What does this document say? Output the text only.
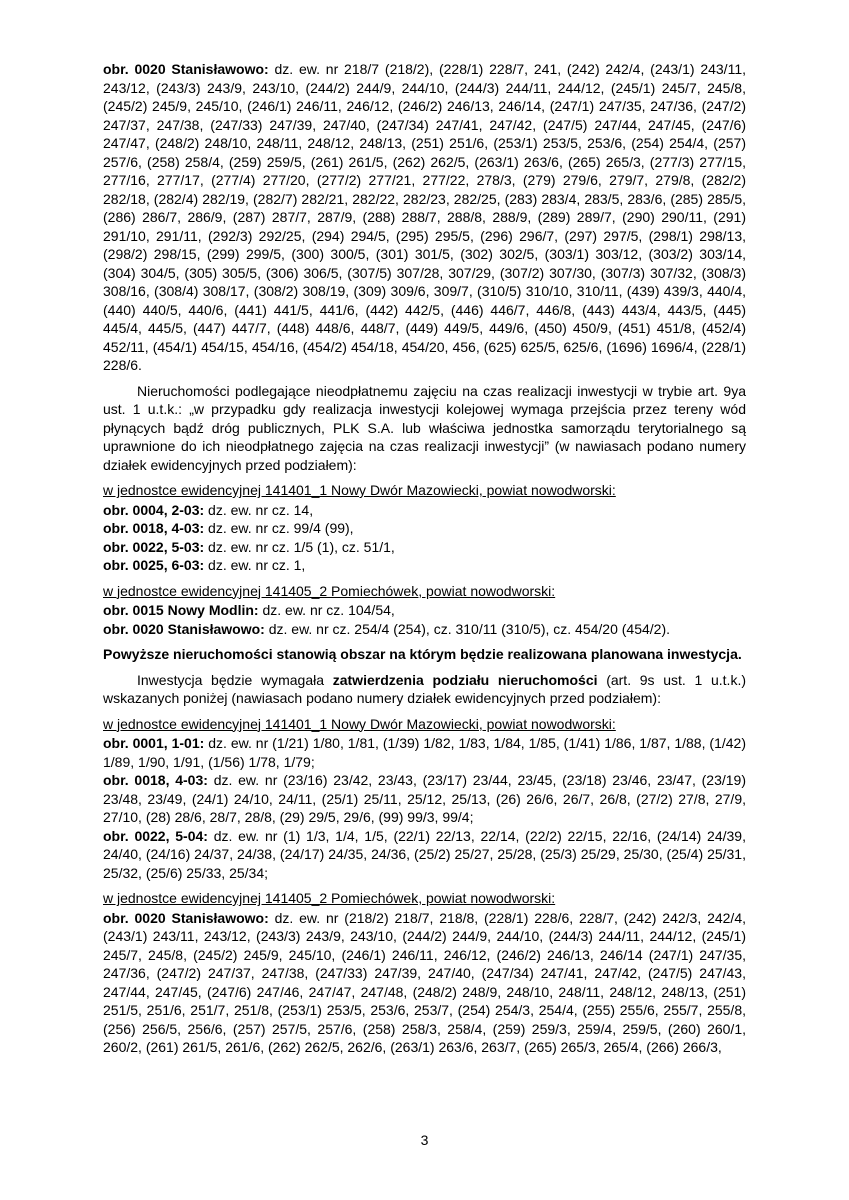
obr. 0020 Stanisławowo: dz. ew. nr 218/7 (218/2), (228/1) 228/7, 241, (242) 242/4, (243/1) 243/11, 243/12, (243/3) 243/9, 243/10, (244/2) 244/9, 244/10, (244/3) 244/11, 244/12, (245/1) 245/7, 245/8, (245/2) 245/9, 245/10, (246/1) 246/11, 246/12, (246/2) 246/13, 246/14, (247/1) 247/35, 247/36, (247/2) 247/37, 247/38, (247/33) 247/39, 247/40, (247/34) 247/41, 247/42, (247/5) 247/44, 247/45, (247/6) 247/47, (248/2) 248/10, 248/11, 248/12, 248/13, (251) 251/6, (253/1) 253/5, 253/6, (254) 254/4, (257) 257/6, (258) 258/4, (259) 259/5, (261) 261/5, (262) 262/5, (263/1) 263/6, (265) 265/3, (277/3) 277/15, 277/16, 277/17, (277/4) 277/20, (277/2) 277/21, 277/22, 278/3, (279) 279/6, 279/7, 279/8, (282/2) 282/18, (282/4) 282/19, (282/7) 282/21, 282/22, 282/23, 282/25, (283) 283/4, 283/5, 283/6, (285) 285/5, (286) 286/7, 286/9, (287) 287/7, 287/9, (288) 288/7, 288/8, 288/9, (289) 289/7, (290) 290/11, (291) 291/10, 291/11, (292/3) 292/25, (294) 294/5, (295) 295/5, (296) 296/7, (297) 297/5, (298/1) 298/13, (298/2) 298/15, (299) 299/5, (300) 300/5, (301) 301/5, (302) 302/5, (303/1) 303/12, (303/2) 303/14, (304) 304/5, (305) 305/5, (306) 306/5, (307/5) 307/28, 307/29, (307/2) 307/30, (307/3) 307/32, (308/3) 308/16, (308/4) 308/17, (308/2) 308/19, (309) 309/6, 309/7, (310/5) 310/10, 310/11, (439) 439/3, 440/4, (440) 440/5, 440/6, (441) 441/5, 441/6, (442) 442/5, (446) 446/7, 446/8, (443) 443/4, 443/5, (445) 445/4, 445/5, (447) 447/7, (448) 448/6, 448/7, (449) 449/5, 449/6, (450) 450/9, (451) 451/8, (452/4) 452/11, (454/1) 454/15, 454/16, (454/2) 454/18, 454/20, 456, (625) 625/5, 625/6, (1696) 1696/4, (228/1) 228/6.

Nieruchomości podlegające nieodpłatnemu zajęciu na czas realizacji inwestycji w trybie art. 9ya ust. 1 u.t.k.: „w przypadku gdy realizacja inwestycji kolejowej wymaga przejścia przez tereny wód płynących bądź dróg publicznych, PLK S.A. lub właściwa jednostka samorządu terytorialnego są uprawnione do ich nieodpłatnego zajęcia na czas realizacji inwestycji” (w nawiasach podano numery działek ewidencyjnych przed podziałem):

w jednostce ewidencyjnej 141401_1 Nowy Dwór Mazowiecki, powiat nowodworski:

obr. 0004, 2-03: dz. ew. nr cz. 14,

obr. 0018, 4-03: dz. ew. nr cz. 99/4 (99),

obr. 0022, 5-03: dz. ew. nr cz. 1/5 (1), cz. 51/1,

obr. 0025, 6-03: dz. ew. nr cz. 1,

w jednostce ewidencyjnej 141405_2 Pomiechówek, powiat nowodworski:

obr. 0015 Nowy Modlin: dz. ew. nr cz. 104/54,

obr. 0020 Stanisławowo: dz. ew. nr cz. 254/4 (254), cz. 310/11 (310/5), cz. 454/20 (454/2).

Powyższe nieruchomości stanowią obszar na którym będzie realizowana planowana inwestycja.

Inwestycja będzie wymagała zatwierdzenia podziału nieruchomości (art. 9s ust. 1 u.t.k.) wskazanych poniżej (nawiasach podano numery działek ewidencyjnych przed podziałem):

w jednostce ewidencyjnej 141401_1 Nowy Dwór Mazowiecki, powiat nowodworski:

obr. 0001, 1-01: dz. ew. nr (1/21) 1/80, 1/81, (1/39) 1/82, 1/83, 1/84, 1/85, (1/41) 1/86, 1/87, 1/88, (1/42) 1/89, 1/90, 1/91, (1/56) 1/78, 1/79;

obr. 0018, 4-03: dz. ew. nr (23/16) 23/42, 23/43, (23/17) 23/44, 23/45, (23/18) 23/46, 23/47, (23/19) 23/48, 23/49, (24/1) 24/10, 24/11, (25/1) 25/11, 25/12, 25/13, (26) 26/6, 26/7, 26/8, (27/2) 27/8, 27/9, 27/10, (28) 28/6, 28/7, 28/8, (29) 29/5, 29/6, (99) 99/3, 99/4;

obr. 0022, 5-04: dz. ew. nr (1) 1/3, 1/4, 1/5, (22/1) 22/13, 22/14, (22/2) 22/15, 22/16, (24/14) 24/39, 24/40, (24/16) 24/37, 24/38, (24/17) 24/35, 24/36, (25/2) 25/27, 25/28, (25/3) 25/29, 25/30, (25/4) 25/31, 25/32, (25/6) 25/33, 25/34;

w jednostce ewidencyjnej 141405_2 Pomiechówek, powiat nowodworski:

obr. 0020 Stanisławowo: dz. ew. nr (218/2) 218/7, 218/8, (228/1) 228/6, 228/7, (242) 242/3, 242/4, (243/1) 243/11, 243/12, (243/3) 243/9, 243/10, (244/2) 244/9, 244/10, (244/3) 244/11, 244/12, (245/1) 245/7, 245/8, (245/2) 245/9, 245/10, (246/1) 246/11, 246/12, (246/2) 246/13, 246/14 (247/1) 247/35, 247/36, (247/2) 247/37, 247/38, (247/33) 247/39, 247/40, (247/34) 247/41, 247/42, (247/5) 247/43, 247/44, 247/45, (247/6) 247/46, 247/47, 247/48, (248/2) 248/9, 248/10, 248/11, 248/12, 248/13, (251) 251/5, 251/6, 251/7, 251/8, (253/1) 253/5, 253/6, 253/7, (254) 254/3, 254/4, (255) 255/6, 255/7, 255/8, (256) 256/5, 256/6, (257) 257/5, 257/6, (258) 258/3, 258/4, (259) 259/3, 259/4, 259/5, (260) 260/1, 260/2, (261) 261/5, 261/6, (262) 262/5, 262/6, (263/1) 263/6, 263/7, (265) 265/3, 265/4, (266) 266/3,

3
